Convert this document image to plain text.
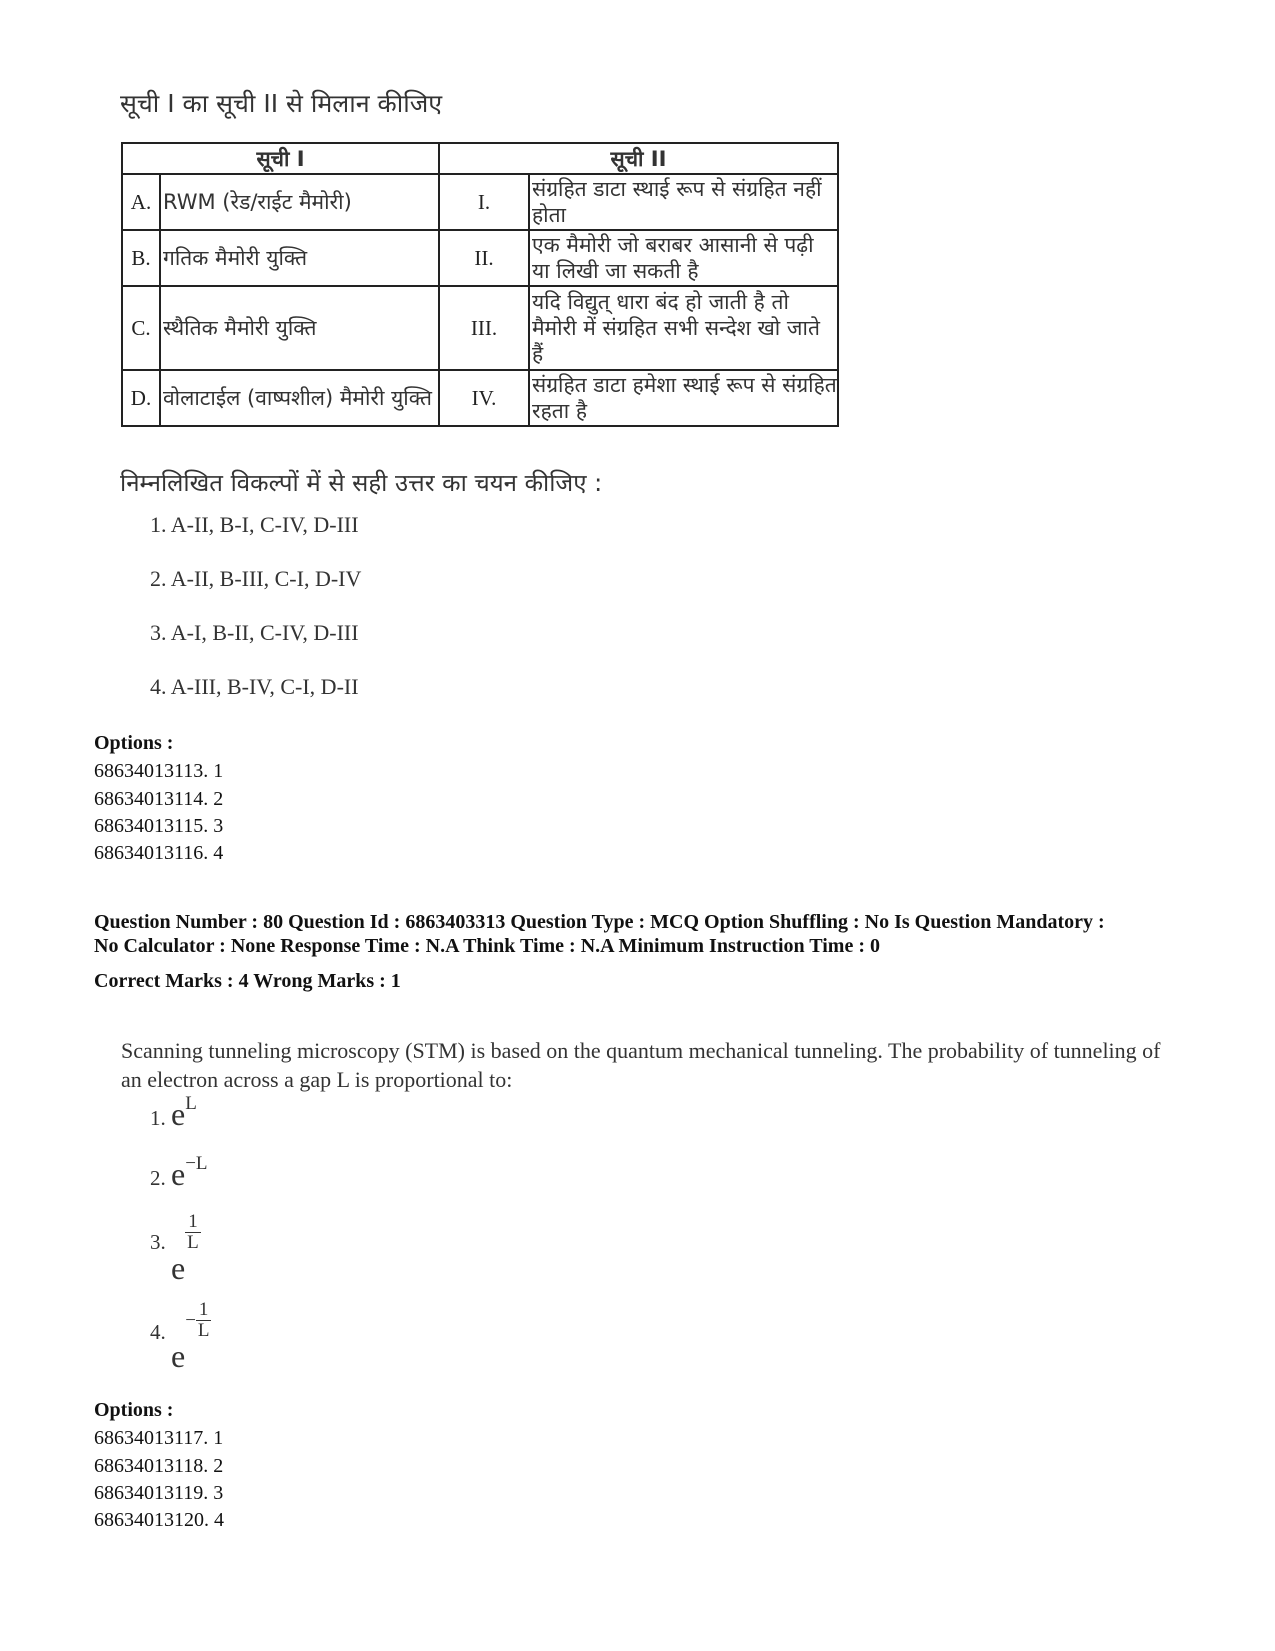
सूची I का सूची II से मिलान कीजिए
सूची I		सूची II	
A.	RWM (रेड/राईट मैमोरी)	I.	संग्रहित डाटा स्थाई रूप से संग्रहित नहीं होता
B.	गतिक मैमोरी युक्ति	II.	एक मैमोरी जो बराबर आसानी से पढ़ी या लिखी जा सकती है
C.	स्थैतिक मैमोरी युक्ति	III.	यदि विद्युत् धारा बंद हो जाती है तो मैमोरी में संग्रहित सभी सन्देश खो जाते हैं
D.	वोलाटाईल (वाष्पशील) मैमोरी युक्ति	IV.	संग्रहित डाटा हमेशा स्थाई रूप से संग्रहित रहता है
निम्नलिखित विकल्पों में से सही उत्तर का चयन कीजिए :
1. A-II, B-I, C-IV, D-III
2. A-II, B-III, C-I, D-IV
3. A-I, B-II, C-IV, D-III
4. A-III, B-IV, C-I, D-II
Options :
68634013113. 1
68634013114. 2
68634013115. 3
68634013116. 4
Question Number : 80 Question Id : 6863403313 Question Type : MCQ Option Shuffling : No Is Question Mandatory :
No Calculator : None Response Time : N.A Think Time : N.A Minimum Instruction Time : 0
Correct Marks : 4 Wrong Marks : 1
Scanning tunneling microscopy (STM) is based on the quantum mechanical tunneling. The probability of tunneling of an electron across a gap L is proportional to:
1. eL
2. e−L
3. e
$\frac{1}{L}$
4. $e- \frac{1}{L}$
Options :
68634013117. 1
68634013118. 2
68634013119. 3
68634013120. 4
